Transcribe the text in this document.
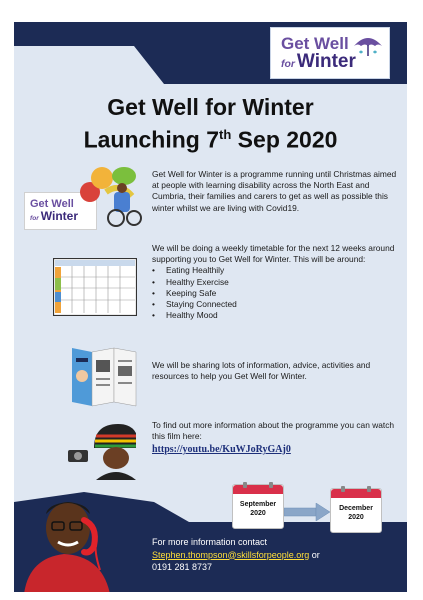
Get Well
for Winter
Get Well for Winter
Launching 7th Sep 2020
Get Well
for Winter
Get Well for Winter is a programme running until Christmas aimed at people with learning disability across the North East and Cumbria, their families and carers to get as well as possible this winter whilst we are living with Covid19.
We will be doing a weekly timetable for the next 12 weeks around supporting you to Get Well for Winter. This will be around:
• Eating Healthily
• Healthy Exercise
• Keeping Safe
• Staying Connected
• Healthy Mood
We will be sharing lots of information, advice, activities and resources to help you Get Well for Winter.
To find out more information about the programme you can watch this film here:
https://youtu.be/KuWJoRyGAj0
September
2020
December
2020
For more information contact
Stephen.thompson@skillsforpeople.org or
0191 281 8737
